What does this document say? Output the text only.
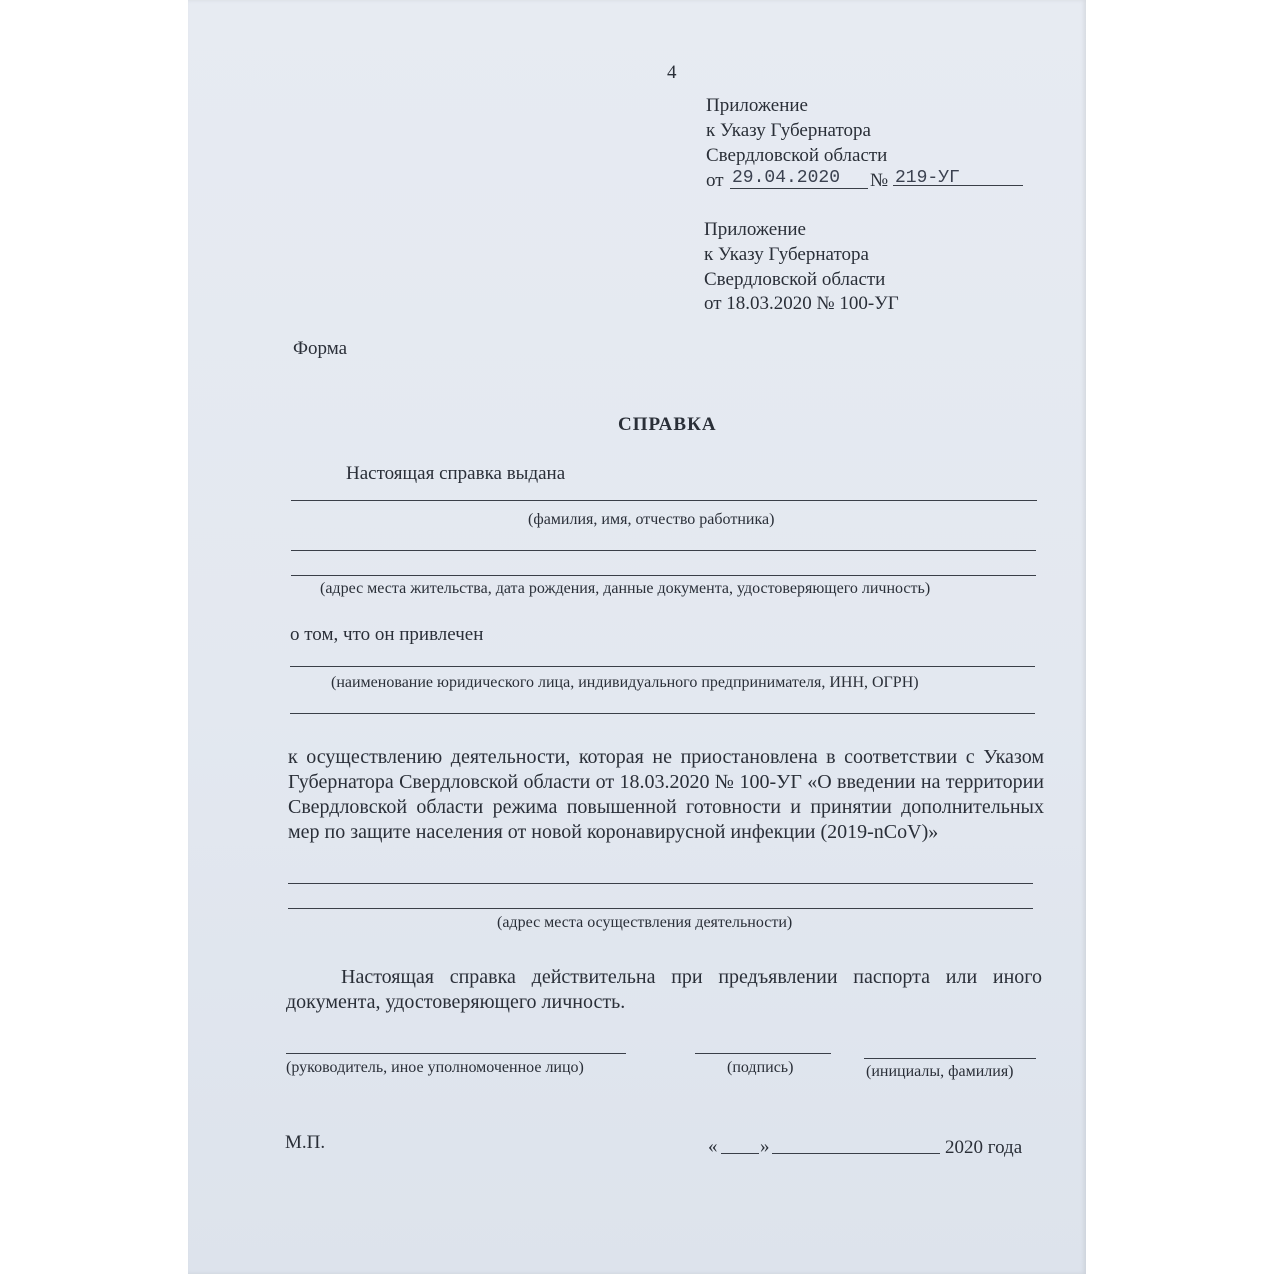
4
Приложение
к Указу Губернатора
Свердловской области
от 29.04.2020 № 219-УГ
Приложение
к Указу Губернатора
Свердловской области
от 18.03.2020 № 100-УГ
Форма
СПРАВКА
Настоящая справка выдана
(фамилия, имя, отчество работника)
(адрес места жительства, дата рождения, данные документа, удостоверяющего личность)
о том, что он привлечен
(наименование юридического лица, индивидуального предпринимателя, ИНН, ОГРН)
к осуществлению деятельности, которая не приостановлена в соответствии с Указом Губернатора Свердловской области от 18.03.2020 № 100-УГ «О введении на территории Свердловской области режима повышенной готовности и принятии дополнительных мер по защите населения от новой коронавирусной инфекции (2019-nCoV)»
(адрес места осуществления деятельности)
Настоящая справка действительна при предъявлении паспорта или иного документа, удостоверяющего личность.
(руководитель, иное уполномоченное лицо)	(подпись)	(инициалы, фамилия)
М.П.	« »	2020 года
